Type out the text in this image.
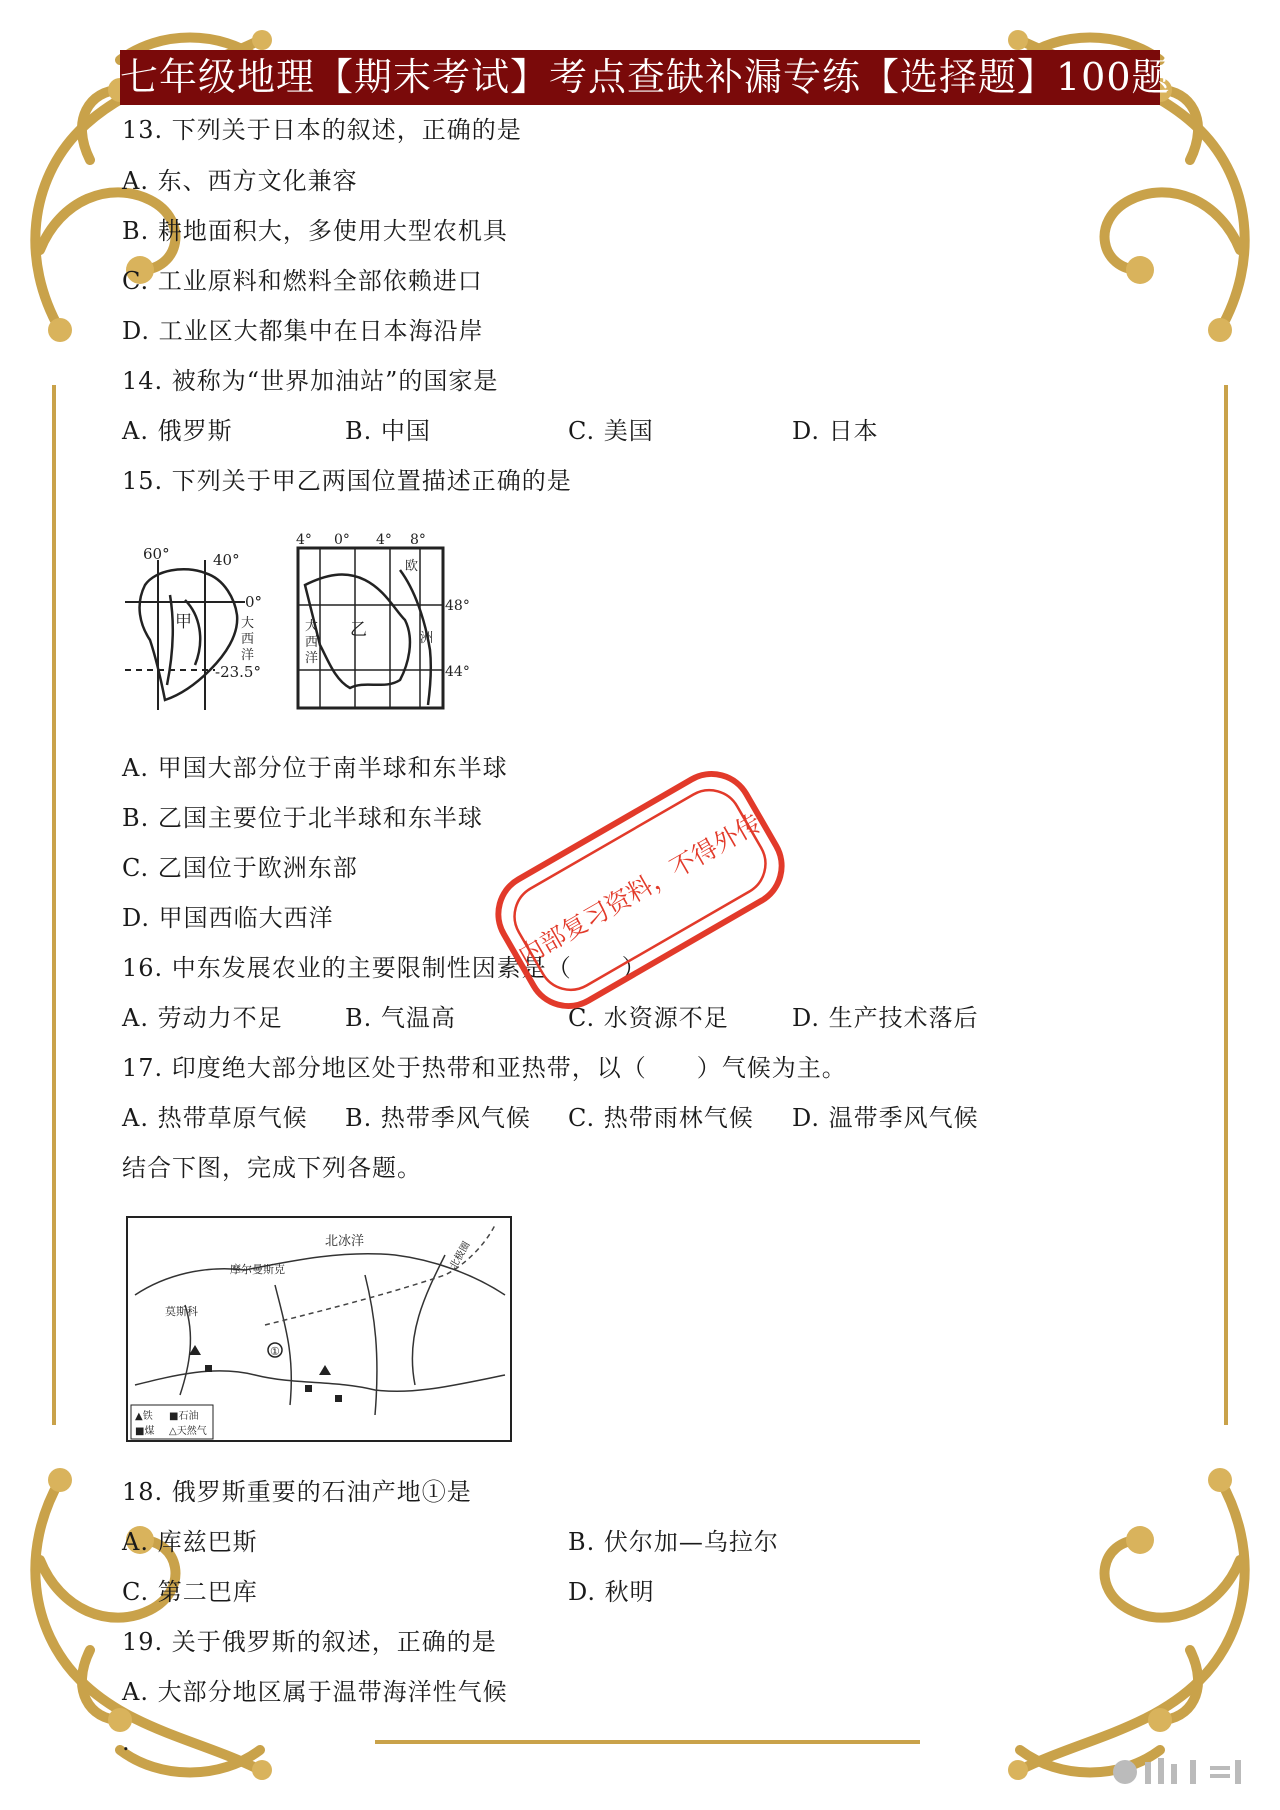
七年级地理【期末考试】考点查缺补漏专练【选择题】100题
13. 下列关于日本的叙述，正确的是
A. 东、西方文化兼容
B. 耕地面积大，多使用大型农机具
C. 工业原料和燃料全部依赖进口
D. 工业区大都集中在日本海沿岸
14. 被称为“世界加油站”的国家是
A. 俄罗斯	B. 中国	C. 美国	D. 日本
15. 下列关于甲乙两国位置描述正确的是
60°	40°
0°
-23.5°
甲	大
西
洋
4° 0° 4° 8°
48°
44°
乙
欧
洲
大
西
洋
A. 甲国大部分位于南半球和东半球
B. 乙国主要位于北半球和东半球
C. 乙国位于欧洲东部
D. 甲国西临大西洋
16. 中东发展农业的主要限制性因素是（　　）
A. 劳动力不足	B. 气温高	C. 水资源不足	D. 生产技术落后
17. 印度绝大部分地区处于热带和亚热带，以（　　）气候为主。
A. 热带草原气候 B. 热带季风气候 C. 热带雨林气候 D. 温带季风气候
结合下图，完成下列各题。
北冰洋
摩尔曼斯克
莫斯科
①
北极圈
▲铁 ■石油
■煤 △天然气
18. 俄罗斯重要的石油产地①是
A. 库兹巴斯	B. 伏尔加—乌拉尔
C. 第二巴库	D. 秋明
19. 关于俄罗斯的叙述，正确的是
A. 大部分地区属于温带海洋性气候
.
内部复习资料，不得外传
